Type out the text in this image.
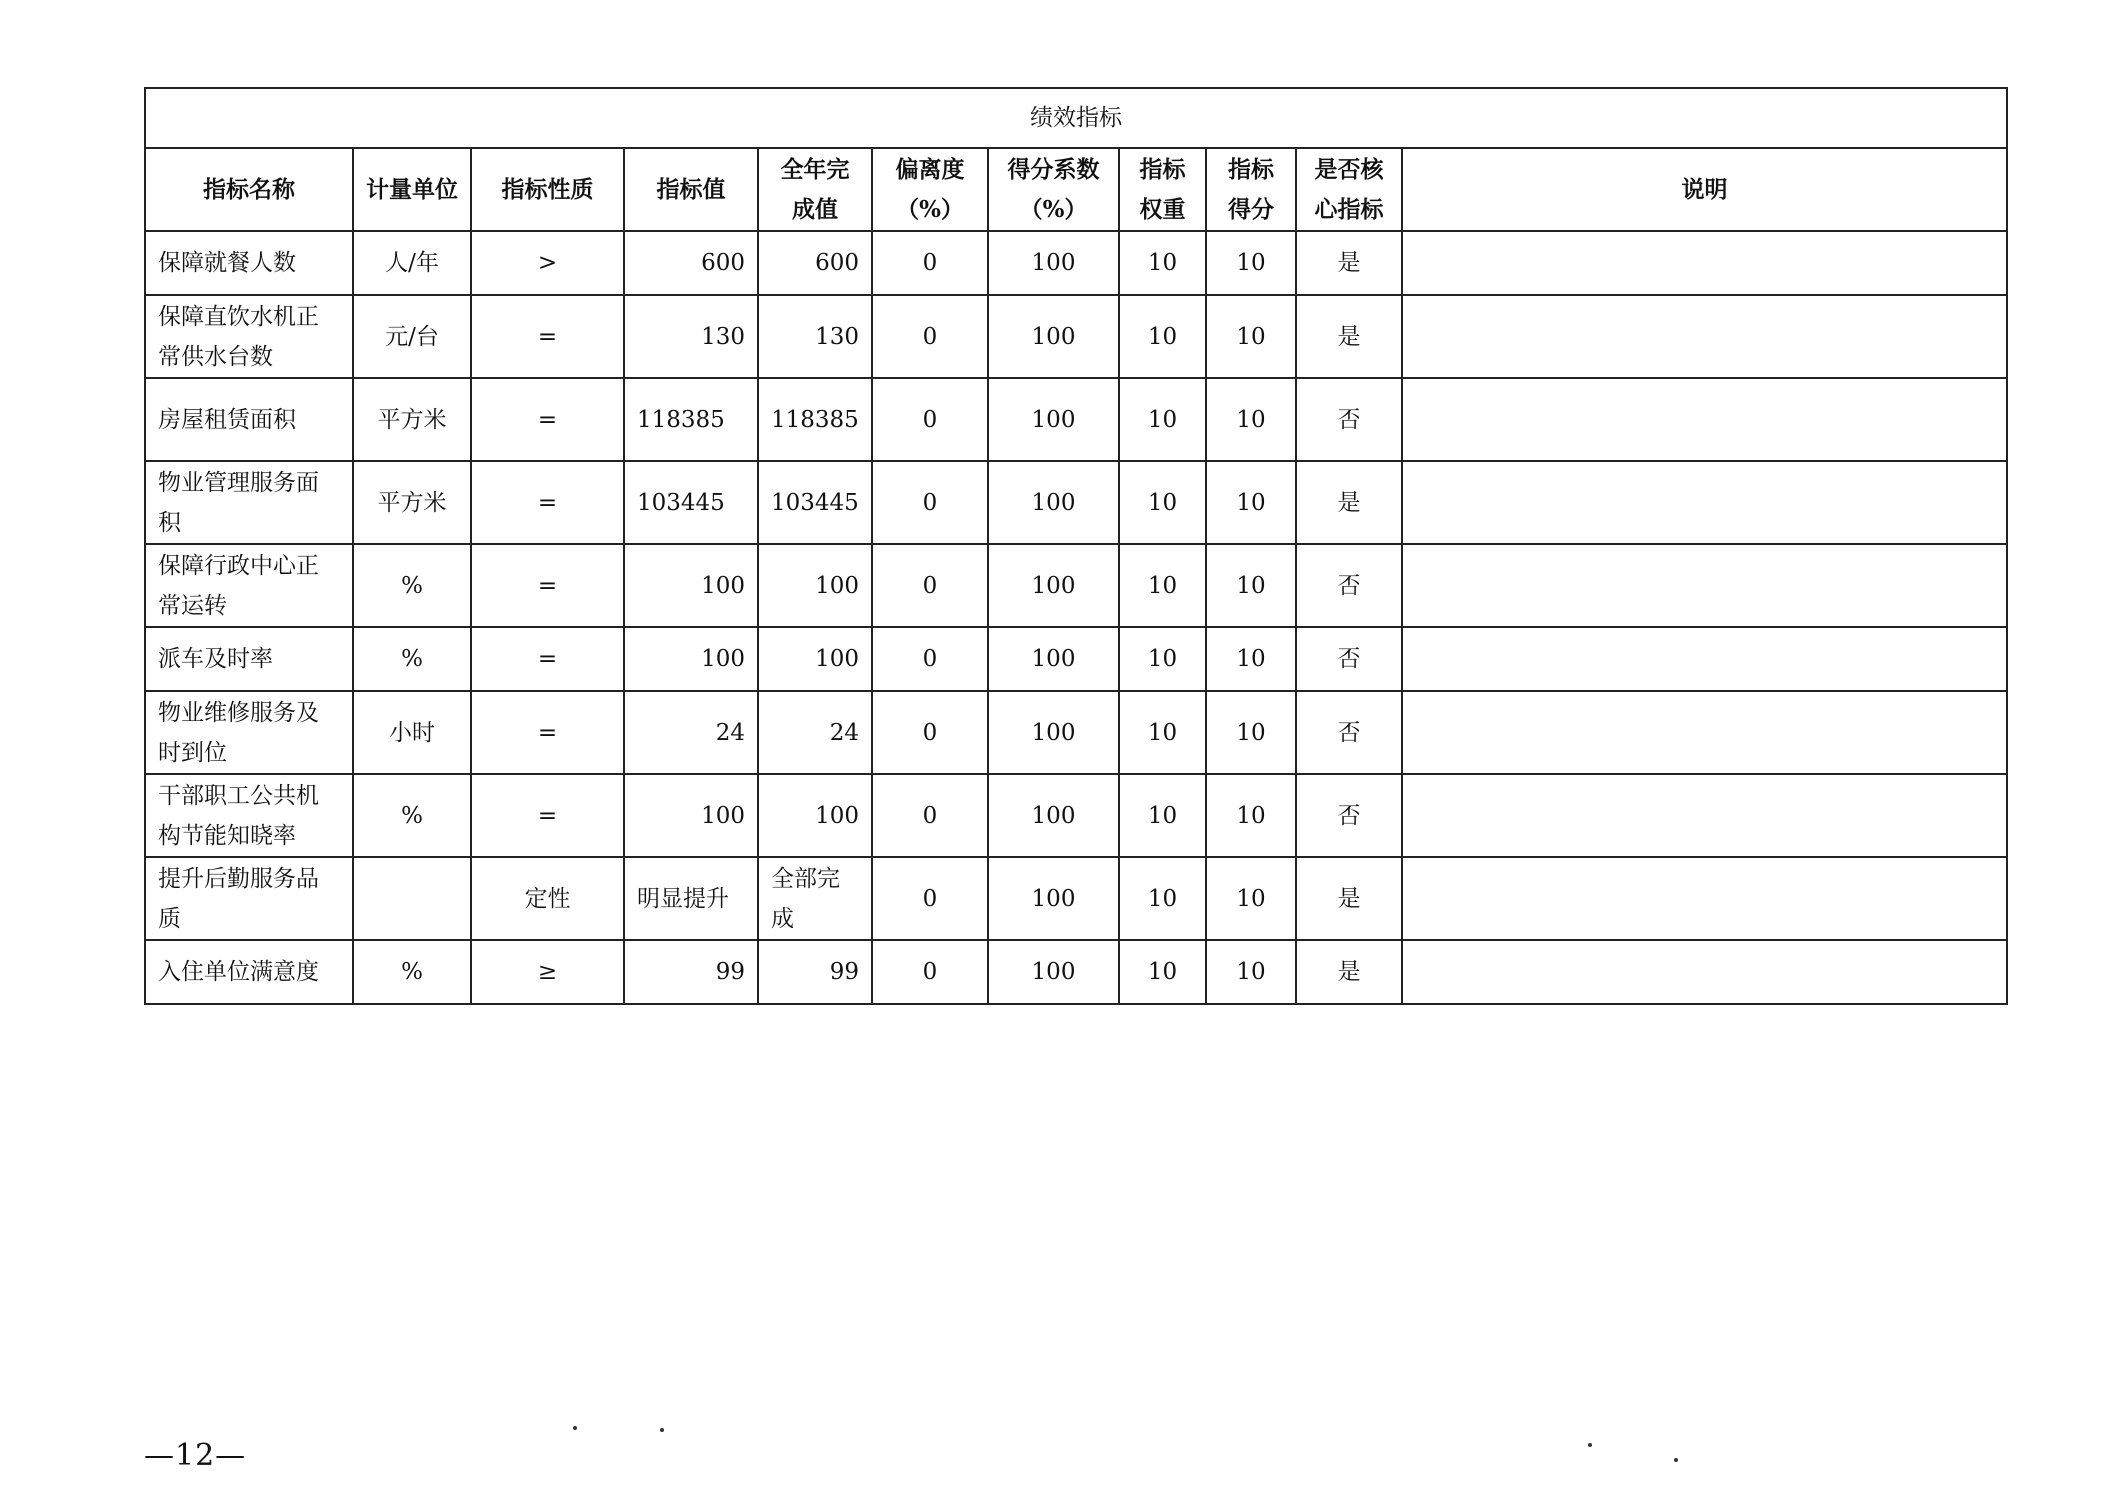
绩效指标										
指标名称	计量单位	指标性质	指标值	全年完成值	偏离度（%）	得分系数（%）	指标权重	指标得分	是否核心指标	说明
保障就餐人数	人/年	>	600	600	0	100	10	10	是	
保障直饮水机正常供水台数	元/台	=	130	130	0	100	10	10	是	
房屋租赁面积	平方米	=	118385	118385	0	100	10	10	否	
物业管理服务面积	平方米	=	103445	103445	0	100	10	10	是	
保障行政中心正常运转	%	=	100	100	0	100	10	10	否	
派车及时率	%	=	100	100	0	100	10	10	否	
物业维修服务及时到位	小时	=	24	24	0	100	10	10	否	
干部职工公共机构节能知晓率	%	=	100	100	0	100	10	10	否	
提升后勤服务品质		定性	明显提升	全部完成	0	100	10	10	是	
入住单位满意度	%	≥	99	99	0	100	10	10	是	
—12—
